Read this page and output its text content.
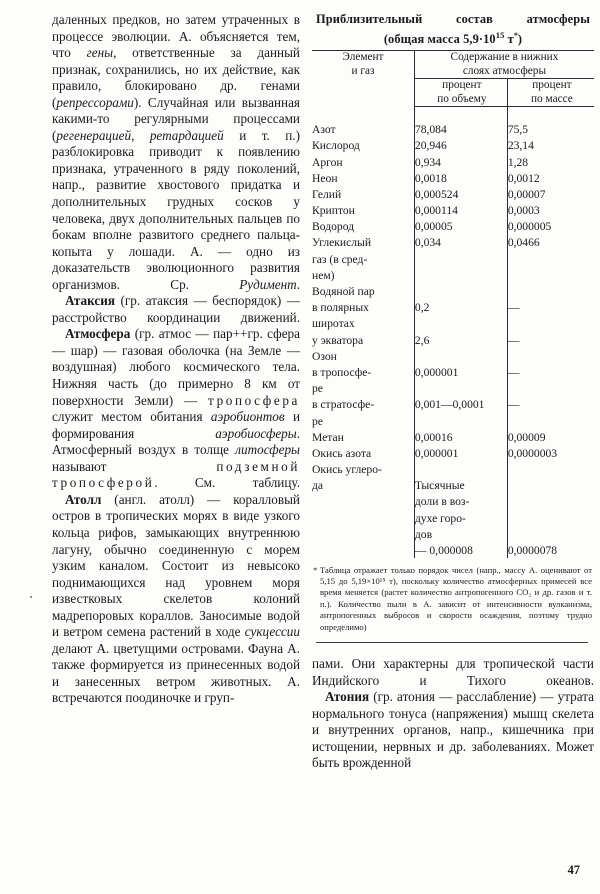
даленных предков, но затем утраченных в процессе эволюции. А. объясняется тем, что гены, ответственные за данный признак, сохранились, но их действие, как правило, блокировано др. генами (репрессорами). Случайная или вызванная какими-то регулярными процессами (регенерацией, ретардацией и т. п.) разблокировка приводит к появлению признака, утраченного в ряду поколений, напр., развитие хвостового придатка и дополнительных грудных сосков у человека, двух дополнительных пальцев по бокам вполне развитого среднего пальца-копыта у лошади. А. — одно из доказательств эволюционного развития организмов. Ср. Рудимент.

Атаксия (гр. атаксия — беспорядок) — расстройство координации движений.

Атмосфера (гр. атмос — пар++гр. сфера — шар) — газовая оболочка (на Земле — воздушная) любого космического тела. Нижняя часть (до примерно 8 км от поверхности Земли) — тропосфера служит местом обитания аэробионтов и формирования аэробиосферы. Атмосферный воздух в толще литосферы называют подземной тропосферой. См. таблицу.

Атолл (англ. атолл) — коралловый остров в тропических морях в виде узкого кольца рифов, замыкающих внутреннюю лагуну, обычно соединенную с морем узким каналом. Состоит из невысоко поднимающихся над уровнем моря известковых скелетов колоний мадрепоровых кораллов. Заносимые водой и ветром семена растений в ходе сукцессии делают А. цветущими островами. Фауна А. также формируется из принесенных водой и занесенных ветром животных. А. встречаются поодиночке и груп-

Приблизительный состав атмосферы
(общая масса $5,9\cdot 10^{15}$ т*)
Элемент
и газ	Содержание в нижних
слоях атмосферы	
	процент
по объему	процент
по массе

Азот	78,084	75,5
Кислород	20,946	23,14
Аргон	0,934	1,28
Неон	0,0018	0,0012
Гелий	0,000524	0,00007
Криптон	0,000114	0,0003
Водород	0,00005	0,000005
Углекислый	0,034	0,0466
газ (в сред-		
нем)		
Водяной пар		
в полярных	0,2	—
широтах		
у экватора	2,6	—
Озон		
в тропосфе-	0,000001	—
ре		
в стратосфе-	0,001—0,0001	—
ре		
Метан	0,00016	0,00009
Окись азота	0,000001	0,0000003
Окись углеро-		
да	Тысячные	
	доли в воз-	
	духе горо-	
	дов	
	— 0,000008	0,0000078

* Таблица отражает только порядок чисел (напр., массу А. оценивают от 5,15 до 5,19×10¹⁵ т), поскольку количество атмосферных примесей все время меняется (растет количество антропогенного CO₂ и др. газов и т. п.). Количество пыли в А. зависит от интенсивности вулканизма, антропогенных выбросов и скорости осаждения, поэтому трудно определимо)

пами. Они характерны для тропической части Индийского и Тихого океанов.

Атония (гр. атония — расслабление) — утрата нормального тонуса (напряжения) мышц скелета и внутренних органов, напр., кишечника при истощении, нервных и др. заболеваниях. Может быть врожденной

47
